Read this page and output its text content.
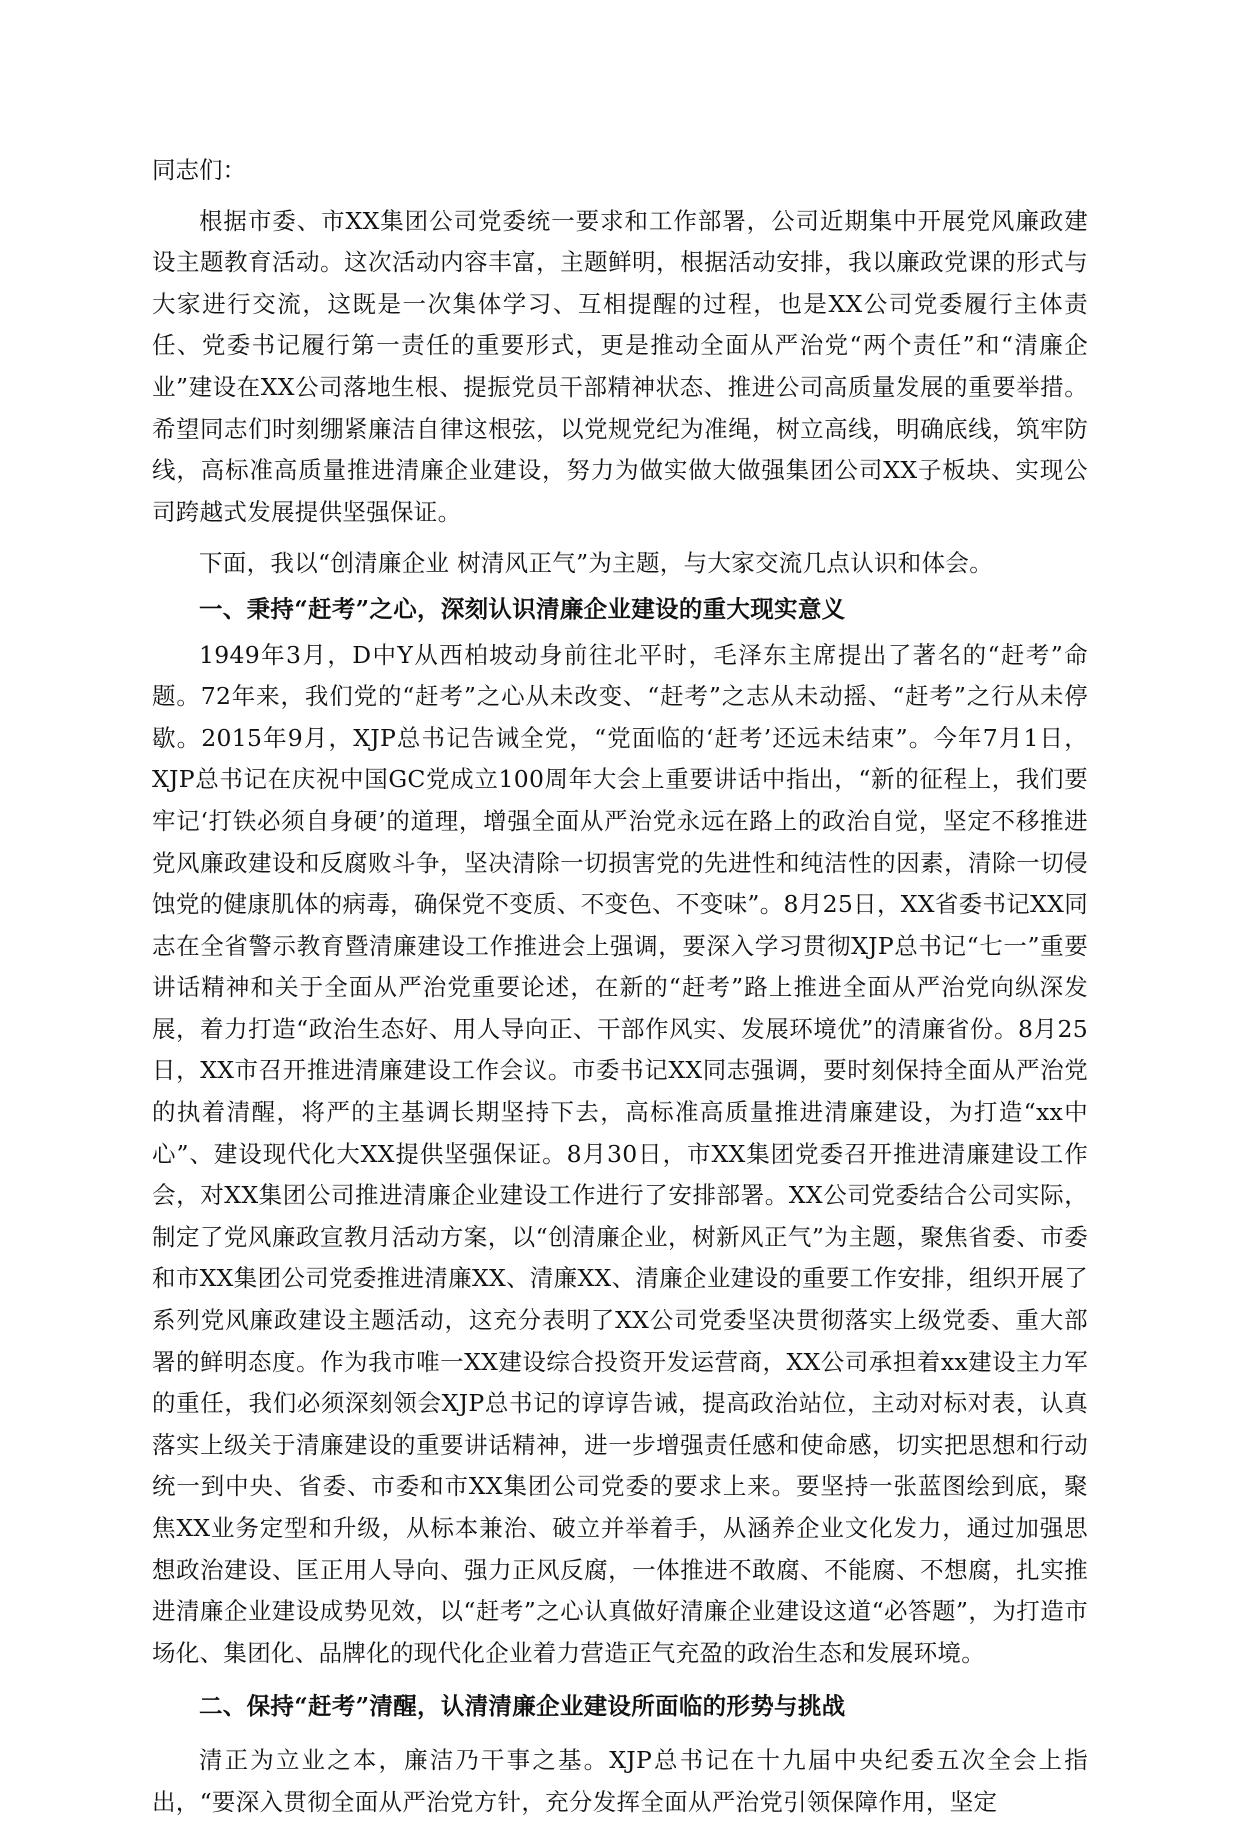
同志们：

根据市委、市XX集团公司党委统一要求和工作部署，公司近期集中开展党风廉政建设主题教育活动。这次活动内容丰富，主题鲜明，根据活动安排，我以廉政党课的形式与大家进行交流，这既是一次集体学习、互相提醒的过程，也是XX公司党委履行主体责任、党委书记履行第一责任的重要形式，更是推动全面从严治党“两个责任”和“清廉企业”建设在XX公司落地生根、提振党员干部精神状态、推进公司高质量发展的重要举措。希望同志们时刻绷紧廉洁自律这根弦，以党规党纪为准绳，树立高线，明确底线，筑牢防线，高标准高质量推进清廉企业建设，努力为做实做大做强集团公司XX子板块、实现公司跨越式发展提供坚强保证。

下面，我以“创清廉企业 树清风正气”为主题，与大家交流几点认识和体会。

一、秉持“赶考”之心，深刻认识清廉企业建设的重大现实意义

1949年3月，D中Y从西柏坡动身前往北平时，毛泽东主席提出了著名的“赶考”命题。72年来，我们党的“赶考”之心从未改变、“赶考”之志从未动摇、“赶考”之行从未停歇。2015年9月，XJP总书记告诫全党，“党面临的‘赶考’还远未结束”。今年7月1日，XJP总书记在庆祝中国GC党成立100周年大会上重要讲话中指出，“新的征程上，我们要牢记‘打铁必须自身硬’的道理，增强全面从严治党永远在路上的政治自觉，坚定不移推进党风廉政建设和反腐败斗争，坚决清除一切损害党的先进性和纯洁性的因素，清除一切侵蚀党的健康肌体的病毒，确保党不变质、不变色、不变味”。8月25日，XX省委书记XX同志在全省警示教育暨清廉建设工作推进会上强调，要深入学习贯彻XJP总书记“七一”重要讲话精神和关于全面从严治党重要论述，在新的“赶考”路上推进全面从严治党向纵深发展，着力打造“政治生态好、用人导向正、干部作风实、发展环境优”的清廉省份。8月25日，XX市召开推进清廉建设工作会议。市委书记XX同志强调，要时刻保持全面从严治党的执着清醒，将严的主基调长期坚持下去，高标准高质量推进清廉建设，为打造“xx中心”、建设现代化大XX提供坚强保证。8月30日，市XX集团党委召开推进清廉建设工作会，对XX集团公司推进清廉企业建设工作进行了安排部署。XX公司党委结合公司实际，制定了党风廉政宣教月活动方案，以“创清廉企业，树新风正气”为主题，聚焦省委、市委和市XX集团公司党委推进清廉XX、清廉XX、清廉企业建设的重要工作安排，组织开展了系列党风廉政建设主题活动，这充分表明了XX公司党委坚决贯彻落实上级党委、重大部署的鲜明态度。作为我市唯一XX建设综合投资开发运营商，XX公司承担着xx建设主力军的重任，我们必须深刻领会XJP总书记的谆谆告诫，提高政治站位，主动对标对表，认真落实上级关于清廉建设的重要讲话精神，进一步增强责任感和使命感，切实把思想和行动统一到中央、省委、市委和市XX集团公司党委的要求上来。要坚持一张蓝图绘到底，聚焦XX业务定型和升级，从标本兼治、破立并举着手，从涵养企业文化发力，通过加强思想政治建设、匡正用人导向、强力正风反腐，一体推进不敢腐、不能腐、不想腐，扎实推进清廉企业建设成势见效，以“赶考”之心认真做好清廉企业建设这道“必答题”，为打造市场化、集团化、品牌化的现代化企业着力营造正气充盈的政治生态和发展环境。

二、保持“赶考”清醒，认清清廉企业建设所面临的形势与挑战

清正为立业之本，廉洁乃干事之基。XJP总书记在十九届中央纪委五次全会上指出，“要深入贯彻全面从严治党方针，充分发挥全面从严治党引领保障作用，坚定
